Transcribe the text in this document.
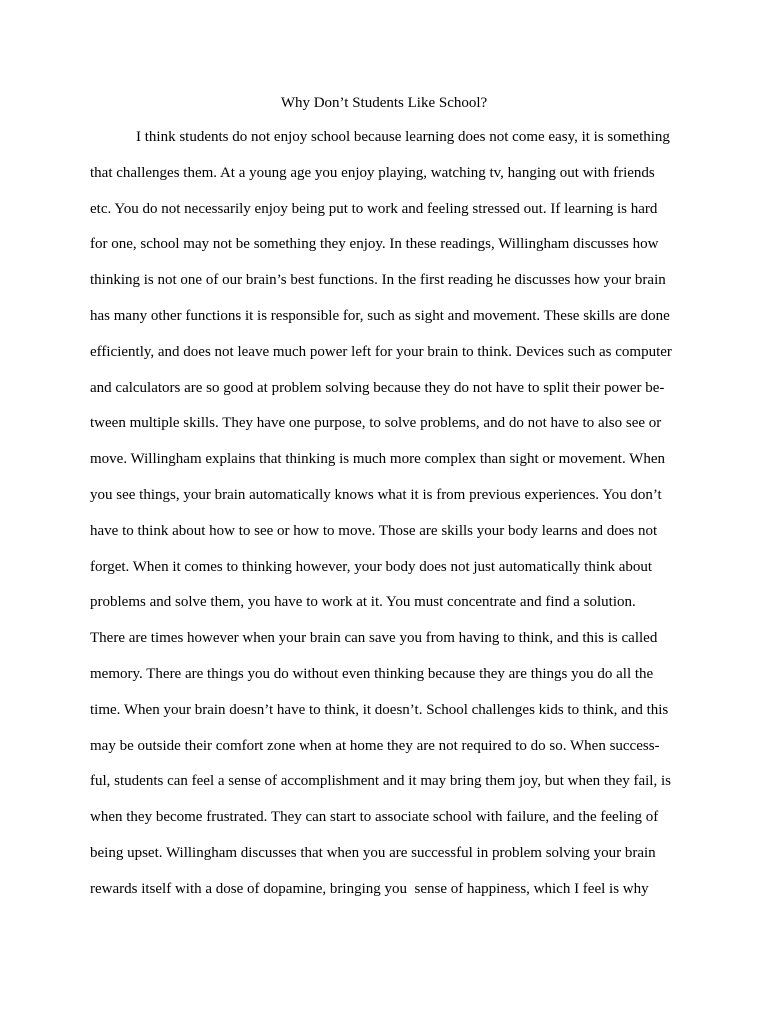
Why Don’t Students Like School?
I think students do not enjoy school because learning does not come easy, it is something
that challenges them. At a young age you enjoy playing, watching tv, hanging out with friends
etc. You do not necessarily enjoy being put to work and feeling stressed out. If learning is hard
for one, school may not be something they enjoy. In these readings, Willingham discusses how
thinking is not one of our brain’s best functions. In the first reading he discusses how your brain
has many other functions it is responsible for, such as sight and movement. These skills are done
efficiently, and does not leave much power left for your brain to think. Devices such as computer
and calculators are so good at problem solving because they do not have to split their power be-
tween multiple skills. They have one purpose, to solve problems, and do not have to also see or
move. Willingham explains that thinking is much more complex than sight or movement. When
you see things, your brain automatically knows what it is from previous experiences. You don’t
have to think about how to see or how to move. Those are skills your body learns and does not
forget. When it comes to thinking however, your body does not just automatically think about
problems and solve them, you have to work at it. You must concentrate and find a solution.
There are times however when your brain can save you from having to think, and this is called
memory. There are things you do without even thinking because they are things you do all the
time. When your brain doesn’t have to think, it doesn’t. School challenges kids to think, and this
may be outside their comfort zone when at home they are not required to do so. When success-
ful, students can feel a sense of accomplishment and it may bring them joy, but when they fail, is
when they become frustrated. They can start to associate school with failure, and the feeling of
being upset. Willingham discusses that when you are successful in problem solving your brain
rewards itself with a dose of dopamine, bringing you  sense of happiness, which I feel is why
